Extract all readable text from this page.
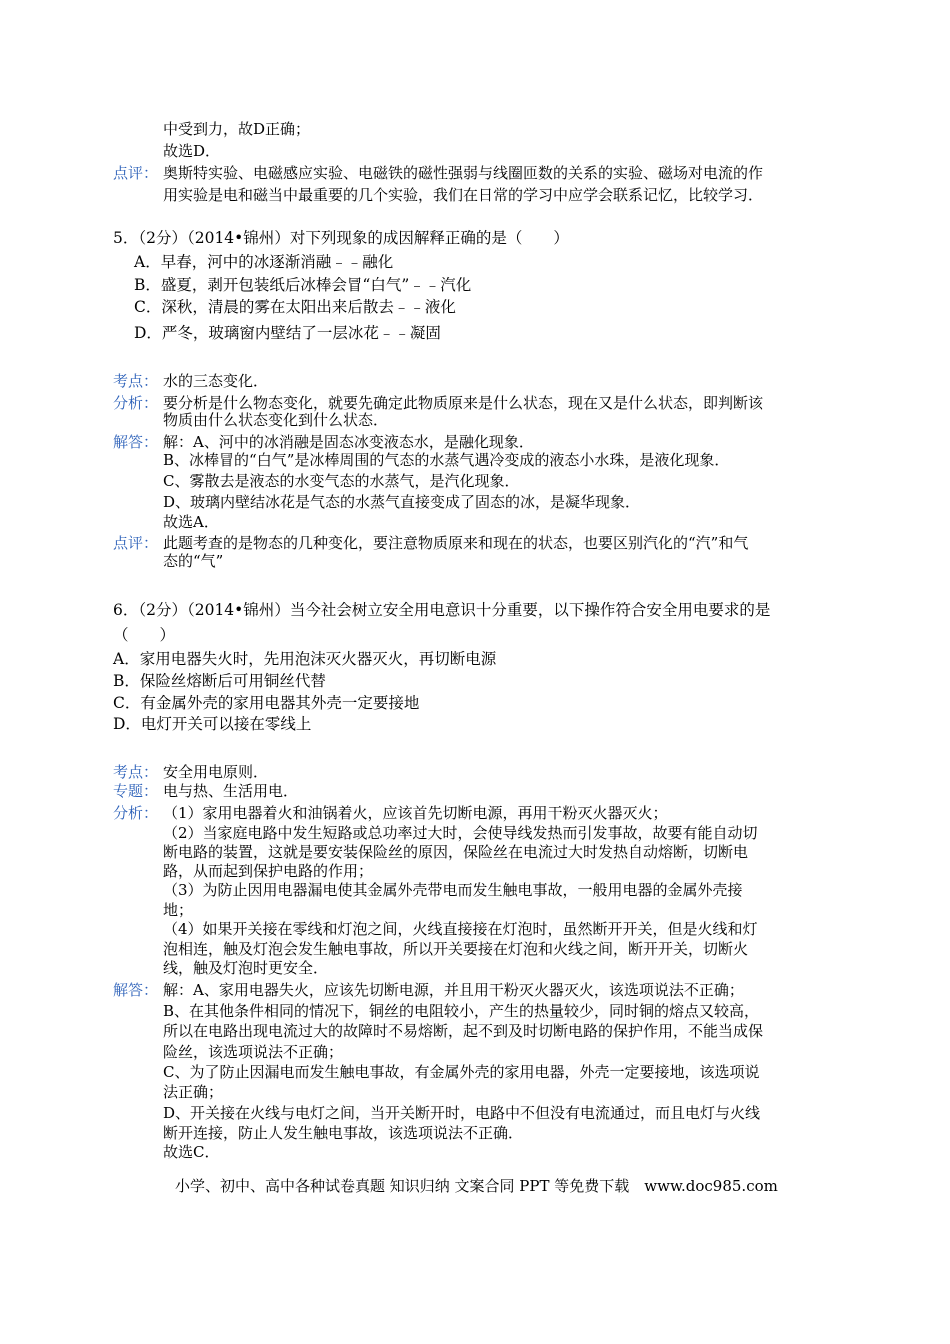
中受到力，故D正确；
故选D．
点评： 奥斯特实验、电磁感应实验、电磁铁的磁性强弱与线圈匝数的关系的实验、磁场对电流的作
用实验是电和磁当中最重要的几个实验，我们在日常的学习中应学会联系记忆，比较学习．
5．（2分）（2014•锦州）对下列现象的成因解释正确的是（　　）
A．早春，河中的冰逐渐消融﹣﹣融化
B．盛夏，剥开包装纸后冰棒会冒“白气”﹣﹣汽化
C．深秋，清晨的雾在太阳出来后散去﹣﹣液化
D．严冬，玻璃窗内壁结了一层冰花﹣﹣凝固
考点： 水的三态变化．
分析： 要分析是什么物态变化，就要先确定此物质原来是什么状态，现在又是什么状态，即判断该
物质由什么状态变化到什么状态．
解答： 解：A、河中的冰消融是固态冰变液态水，是融化现象．
B、冰棒冒的“白气”是冰棒周围的气态的水蒸气遇冷变成的液态小水珠，是液化现象．
C、雾散去是液态的水变气态的水蒸气，是汽化现象．
D、玻璃内壁结冰花是气态的水蒸气直接变成了固态的冰，是凝华现象．
故选A．
点评： 此题考查的是物态的几种变化，要注意物质原来和现在的状态，也要区别汽化的“汽”和气
态的“气”
6．（2分）（2014•锦州）当今社会树立安全用电意识十分重要，以下操作符合安全用电要求的是
（　　）
A．家用电器失火时，先用泡沫灭火器灭火，再切断电源
B．保险丝熔断后可用铜丝代替
C．有金属外壳的家用电器其外壳一定要接地
D．电灯开关可以接在零线上
考点： 安全用电原则．
专题： 电与热、生活用电．
分析： （1）家用电器着火和油锅着火，应该首先切断电源，再用干粉灭火器灭火；
（2）当家庭电路中发生短路或总功率过大时，会使导线发热而引发事故，故要有能自动切
断电路的装置，这就是要安装保险丝的原因，保险丝在电流过大时发热自动熔断，切断电
路，从而起到保护电路的作用；
（3）为防止因用电器漏电使其金属外壳带电而发生触电事故，一般用电器的金属外壳接
地；
（4）如果开关接在零线和灯泡之间，火线直接接在灯泡时，虽然断开开关，但是火线和灯
泡相连，触及灯泡会发生触电事故，所以开关要接在灯泡和火线之间，断开开关，切断火
线，触及灯泡时更安全．
解答： 解：A、家用电器失火，应该先切断电源，并且用干粉灭火器灭火，该选项说法不正确；
B、在其他条件相同的情况下，铜丝的电阻较小，产生的热量较少，同时铜的熔点又较高，
所以在电路出现电流过大的故障时不易熔断，起不到及时切断电路的保护作用，不能当成保
险丝，该选项说法不正确；
C、为了防止因漏电而发生触电事故，有金属外壳的家用电器，外壳一定要接地，该选项说
法正确；
D、开关接在火线与电灯之间，当开关断开时，电路中不但没有电流通过，而且电灯与火线
断开连接，防止人发生触电事故，该选项说法不正确．
故选C．
小学、初中、高中各种试卷真题 知识归纳 文案合同 PPT 等免费下载　www.doc985.com
